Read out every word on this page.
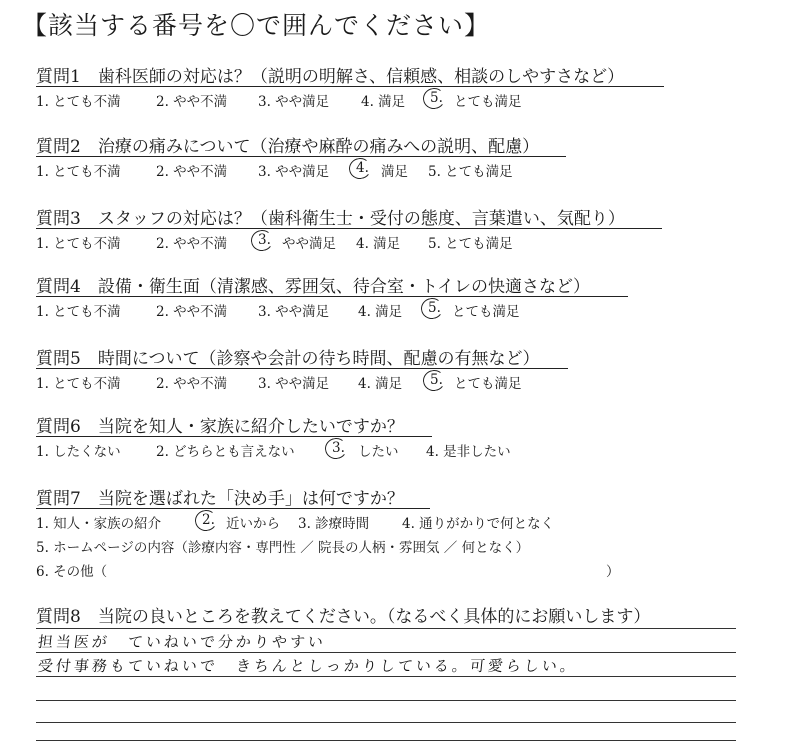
【該当する番号を〇で囲んでください】
質問1　歯科医師の対応は？（説明の明解さ、信頼感、相談のしやすさなど）
1. とても不満	2. やや不満 3. やや満足 4. 満足 5. とても満足
質問2　治療の痛みについて（治療や麻酔の痛みへの説明、配慮）
1. とても不満	2. やや不満 3. やや満足 4. 満足 5. とても満足
質問3　スタッフの対応は？（歯科衛生士・受付の態度、言葉遣い、気配り）
1. とても不満	2. やや不満 3. やや満足 4. 満足 5. とても満足
質問4　設備・衛生面（清潔感、雰囲気、待合室・トイレの快適さなど）
1. とても不満	2. やや不満 3. やや満足 4. 満足 5. とても満足
質問5　時間について（診察や会計の待ち時間、配慮の有無など）
1. とても不満	2. やや不満 3. やや満足 4. 満足 5. とても満足
質問6　当院を知人・家族に紹介したいですか？
1. したくない	2. どちらとも言えない	3. したい 4. 是非したい
質問7　当院を選ばれた「決め手」は何ですか？
1. 知人・家族の紹介	2. 近いから 3. 診療時間 4. 通りがかりで何となく
5. ホームページの内容（診療内容・専門性 ／ 院長の人柄・雰囲気 ／ 何となく）
6. その他（	）
質問8　当院の良いところを教えてください。（なるべく具体的にお願いします）
担当医が　ていねいで分かりやすい
受付事務もていねいで　きちんとしっかりしている。可愛らしい。
